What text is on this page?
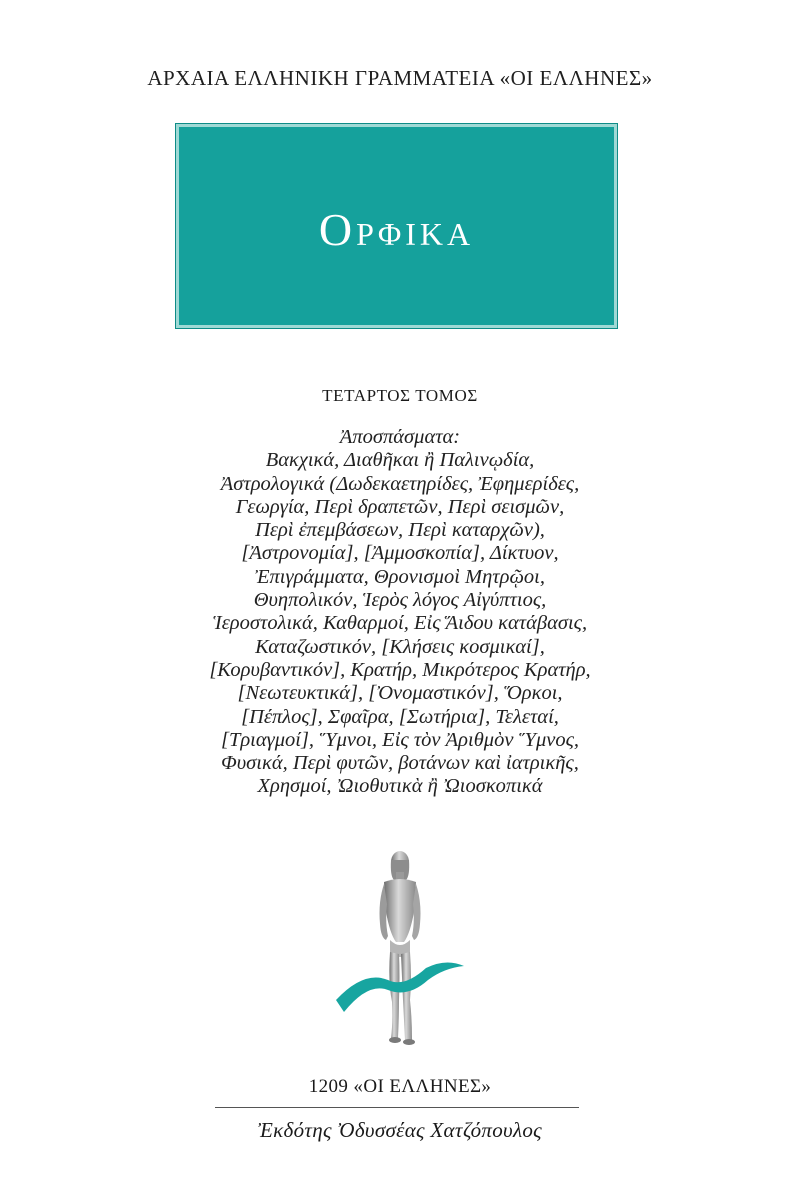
ΑΡΧΑΙΑ ΕΛΛΗΝΙΚΗ ΓΡΑΜΜΑΤΕΙΑ «ΟΙ ΕΛΛΗΝΕΣ»
Ορφικα
ΤΕΤΑΡΤΟΣ ΤΟΜΟΣ
Ἀποσπάσματα:
Βακχικά, Διαθῆκαι ἢ Παλινῳδία,
Ἀστρολογικά (Δωδεκαετηρίδες, Ἐφημερίδες,
Γεωργία, Περὶ δραπετῶν, Περὶ σεισμῶν,
Περὶ ἐπεμβάσεων, Περὶ καταρχῶν),
[Ἀστρονομία], [Ἀμμοσκοπία], Δίκτυον,
Ἐπιγράμματα, Θρονισμοὶ Μητρῷοι,
Θυηπολικόν, Ἱερὸς λόγος Αἰγύπτιος,
Ἱεροστολικά, Καθαρμοί, Εἰς Ἅιδου κατάβασις,
Καταζωστικόν, [Κλήσεις κοσμικαί],
[Κορυβαντικόν], Κρατήρ, Μικρότερος Κρατήρ,
[Νεωτευκτικά], [Ὀνομαστικόν], Ὅρκοι,
[Πέπλος], Σφαῖρα, [Σωτήρια], Τελεταί,
[Τριαγμοί], Ὕμνοι, Εἰς τὸν Ἀριθμὸν Ὕμνος,
Φυσικά, Περὶ φυτῶν, βοτάνων καὶ ἰατρικῆς,
Χρησμοί, Ὠιοθυτικὰ ἢ Ὠιοσκοπικά
1209 «ΟΙ ΕΛΛΗΝΕΣ»
Ἐκδότης Ὀδυσσέας Χατζόπουλος
